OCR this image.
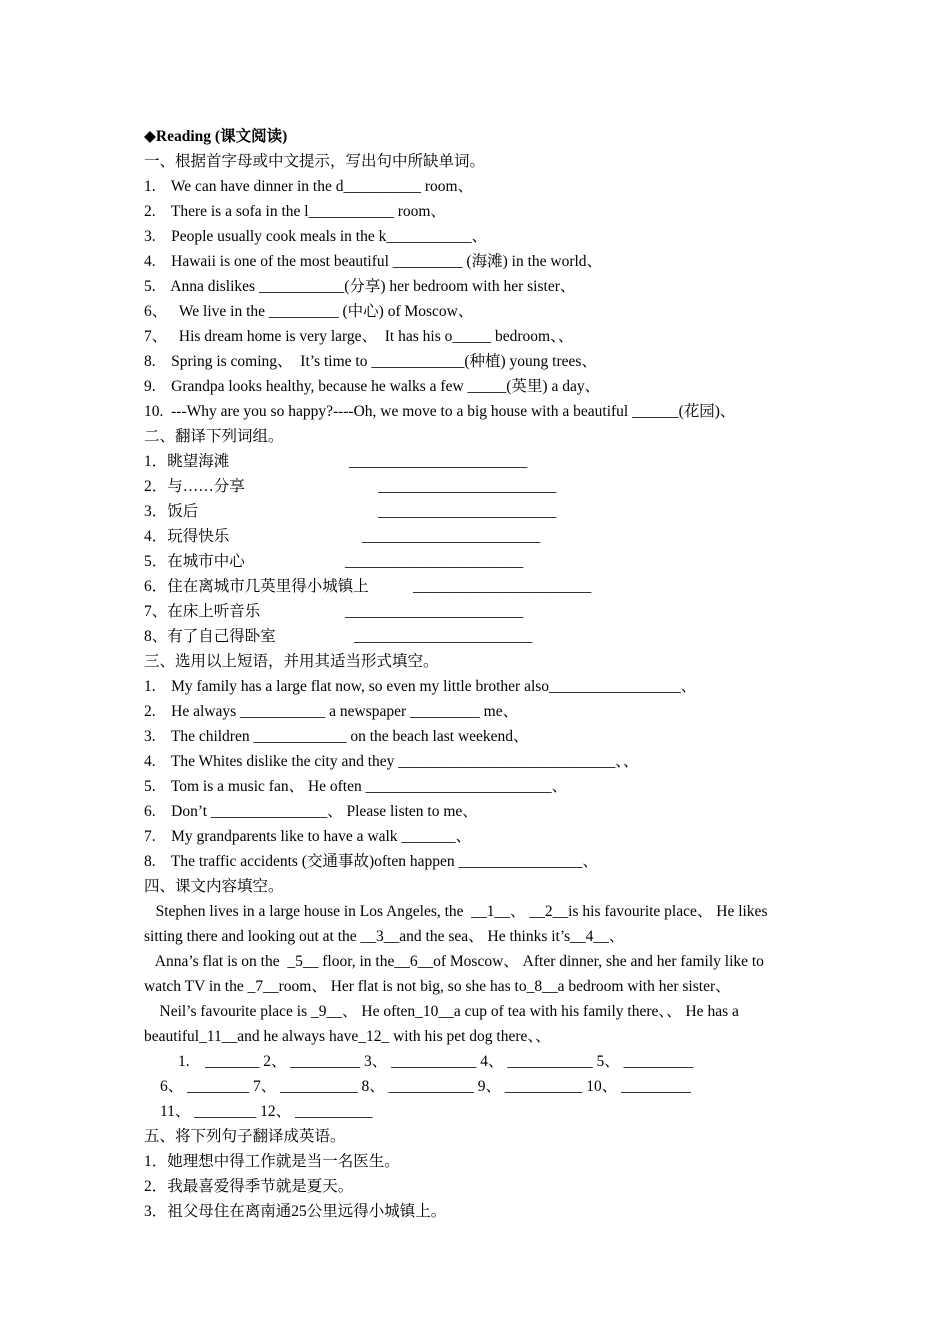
◆Reading (课文阅读)
一、根据首字母或中文提示，写出句中所缺单词。
1.    We can have dinner in the d__________ room、
2.    There is a sofa in the l___________ room、
3.    People usually cook meals in the k___________、
4.    Hawaii is one of the most beautiful _________ (海滩) in the world、
5.    Anna dislikes ___________(分享) her bedroom with her sister、
6、   We live in the _________ (中心) of Moscow、
7、   His dream home is very large、  It has his o_____ bedroom、、
8.    Spring is coming、  It’s time to ____________(种植) young trees、
9.    Grandpa looks healthy, because he walks a few _____(英里) a day、
10.  ---Why are you so happy?----Oh, we move to a big house with a beautiful ______(花园)、
二、翻译下列词组。
1．眺望海滩	_______________________
2．与……分享	_______________________
3．饭后	_______________________
4．玩得快乐	_______________________
5．在城市中心	_______________________
6．住在离城市几英里得小城镇上	_______________________
7、在床上听音乐	_______________________
8、有了自己得卧室	_______________________
三、选用以上短语，并用其适当形式填空。
1.    My family has a large flat now, so even my little brother also_________________、
2.    He always ___________ a newspaper _________ me、
3.    The children ____________ on the beach last weekend、
4.    The Whites dislike the city and they ____________________________、、
5.    Tom is a music fan、 He often ________________________、
6.    Don’t _______________、 Please listen to me、
7.    My grandparents like to have a walk _______、
8.    The traffic accidents (交通事故)often happen ________________、
四、课文内容填空。
Stephen lives in a large house in Los Angeles, the  __1__、 __2__is his favourite place、 He likes
sitting there and looking out at the __3__and the sea、 He thinks it’s__4__、
Anna’s flat is on the  _5__ floor, in the__6__of Moscow、 After dinner, she and her family like to
watch TV in the _7__room、 Her flat is not big, so she has to_8__a bedroom with her sister、
Neil’s favourite place is _9__、 He often_10__a cup of tea with his family there、、 He has a
beautiful_11__and he always have_12_ with his pet dog there、、
1.    _______ 2、 _________ 3、 ___________ 4、 ___________ 5、 _________
6、 ________ 7、 __________ 8、 ___________ 9、 __________ 10、 _________
11、 ________ 12、 __________
五、将下列句子翻译成英语。
1．她理想中得工作就是当一名医生。
2．我最喜爱得季节就是夏天。
3．祖父母住在离南通25公里远得小城镇上。
